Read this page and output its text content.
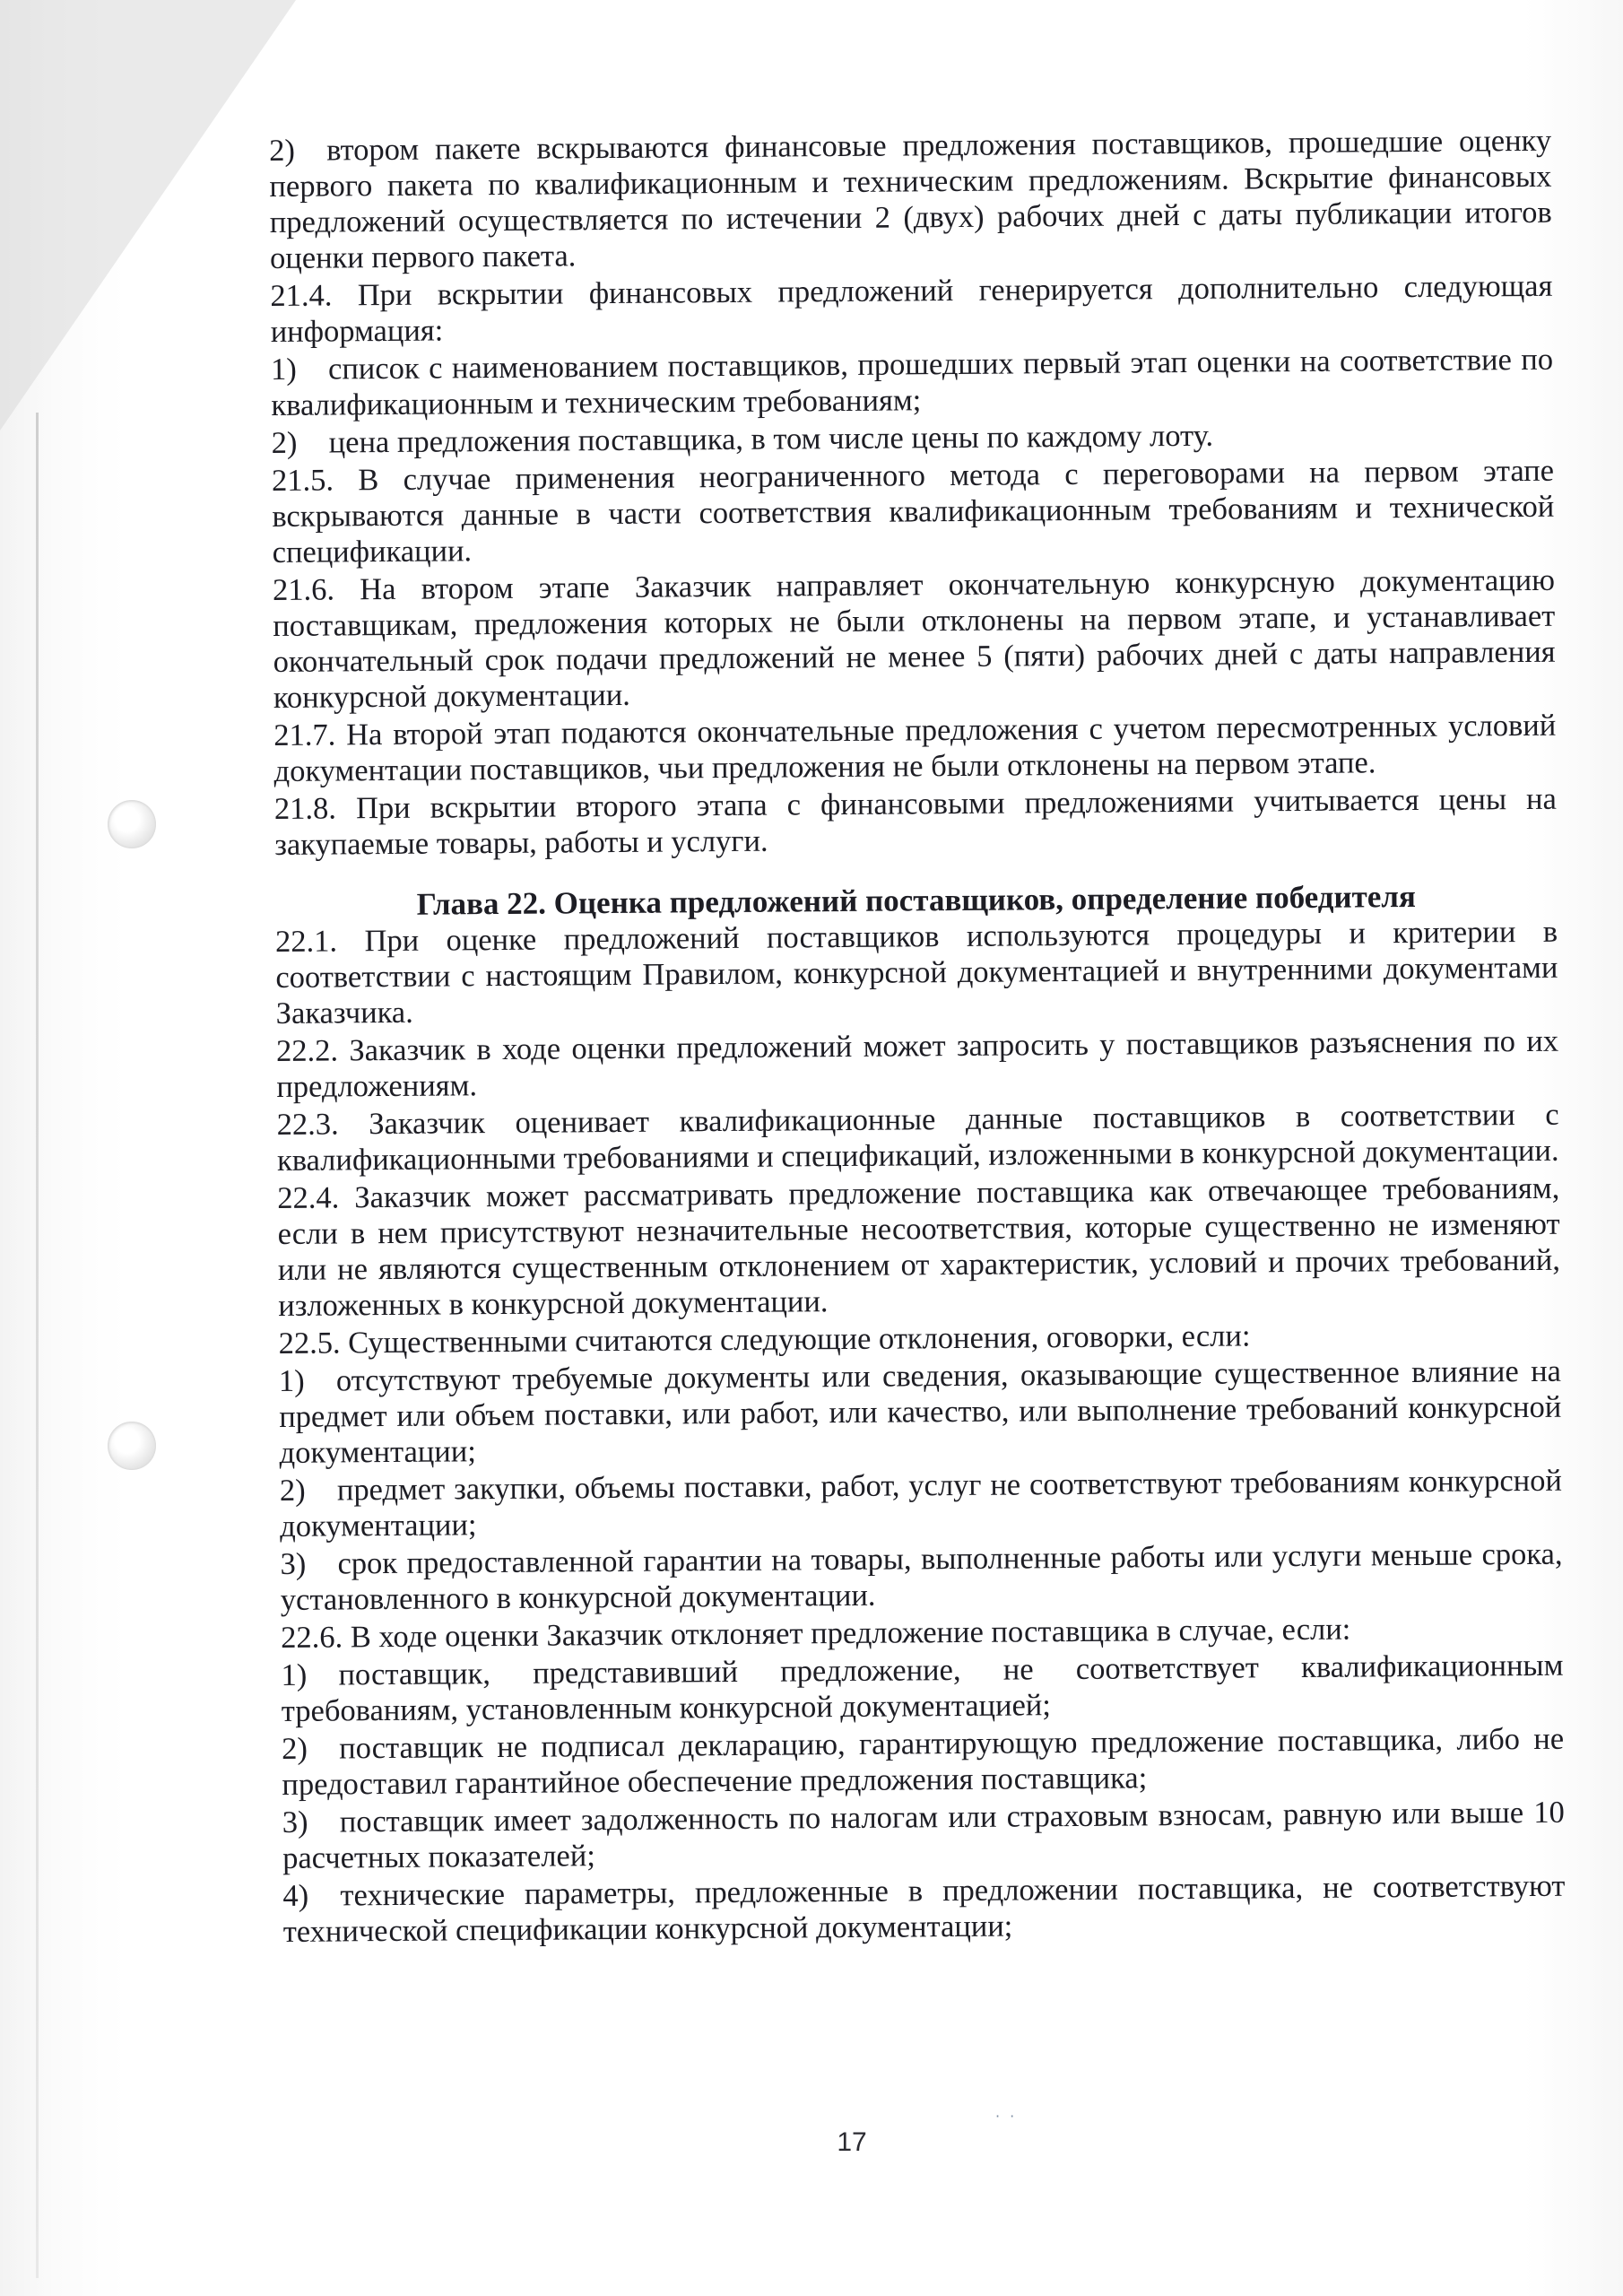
2) втором пакете вскрываются финансовые предложения поставщиков, прошедшие оценку первого пакета по квалификационным и техническим предложениям. Вскрытие финансовых предложений осуществляется по истечении 2 (двух) рабочих дней с даты публикации итогов оценки первого пакета.

21.4. При вскрытии финансовых предложений генерируется дополнительно следующая информация:

1) список с наименованием поставщиков, прошедших первый этап оценки на соответствие по квалификационным и техническим требованиям;

2) цена предложения поставщика, в том числе цены по каждому лоту.

21.5. В случае применения неограниченного метода с переговорами на первом этапе вскрываются данные в части соответствия квалификационным требованиям и технической спецификации.

21.6. На втором этапе Заказчик направляет окончательную конкурсную документацию поставщикам, предложения которых не были отклонены на первом этапе, и устанавливает окончательный срок подачи предложений не менее 5 (пяти) рабочих дней с даты направления конкурсной документации.

21.7. На второй этап подаются окончательные предложения с учетом пересмотренных условий документации поставщиков, чьи предложения не были отклонены на первом этапе.

21.8. При вскрытии второго этапа с финансовыми предложениями учитывается цены на закупаемые товары, работы и услуги.

Глава 22. Оценка предложений поставщиков, определение победителя

22.1. При оценке предложений поставщиков используются процедуры и критерии в соответствии с настоящим Правилом, конкурсной документацией и внутренними документами Заказчика.

22.2. Заказчик в ходе оценки предложений может запросить у поставщиков разъяснения по их предложениям.

22.3. Заказчик оценивает квалификационные данные поставщиков в соответствии с квалификационными требованиями и спецификаций, изложенными в конкурсной документации.

22.4. Заказчик может рассматривать предложение поставщика как отвечающее требованиям, если в нем присутствуют незначительные несоответствия, которые существенно не изменяют или не являются существенным отклонением от характеристик, условий и прочих требований, изложенных в конкурсной документации.

22.5. Существенными считаются следующие отклонения, оговорки, если:

1) отсутствуют требуемые документы или сведения, оказывающие существенное влияние на предмет или объем поставки, или работ, или качество, или выполнение требований конкурсной документации;

2) предмет закупки, объемы поставки, работ, услуг не соответствуют требованиям конкурсной документации;

3) срок предоставленной гарантии на товары, выполненные работы или услуги меньше срока, установленного в конкурсной документации.

22.6. В ходе оценки Заказчик отклоняет предложение поставщика в случае, если:

1) поставщик, представивший предложение, не соответствует квалификационным требованиям, установленным конкурсной документацией;

2) поставщик не подписал декларацию, гарантирующую предложение поставщика, либо не предоставил гарантийное обеспечение предложения поставщика;

3) поставщик имеет задолженность по налогам или страховым взносам, равную или выше 10 расчетных показателей;

4) технические параметры, предложенные в предложении поставщика, не соответствуют технической спецификации конкурсной документации;

· ·
17
